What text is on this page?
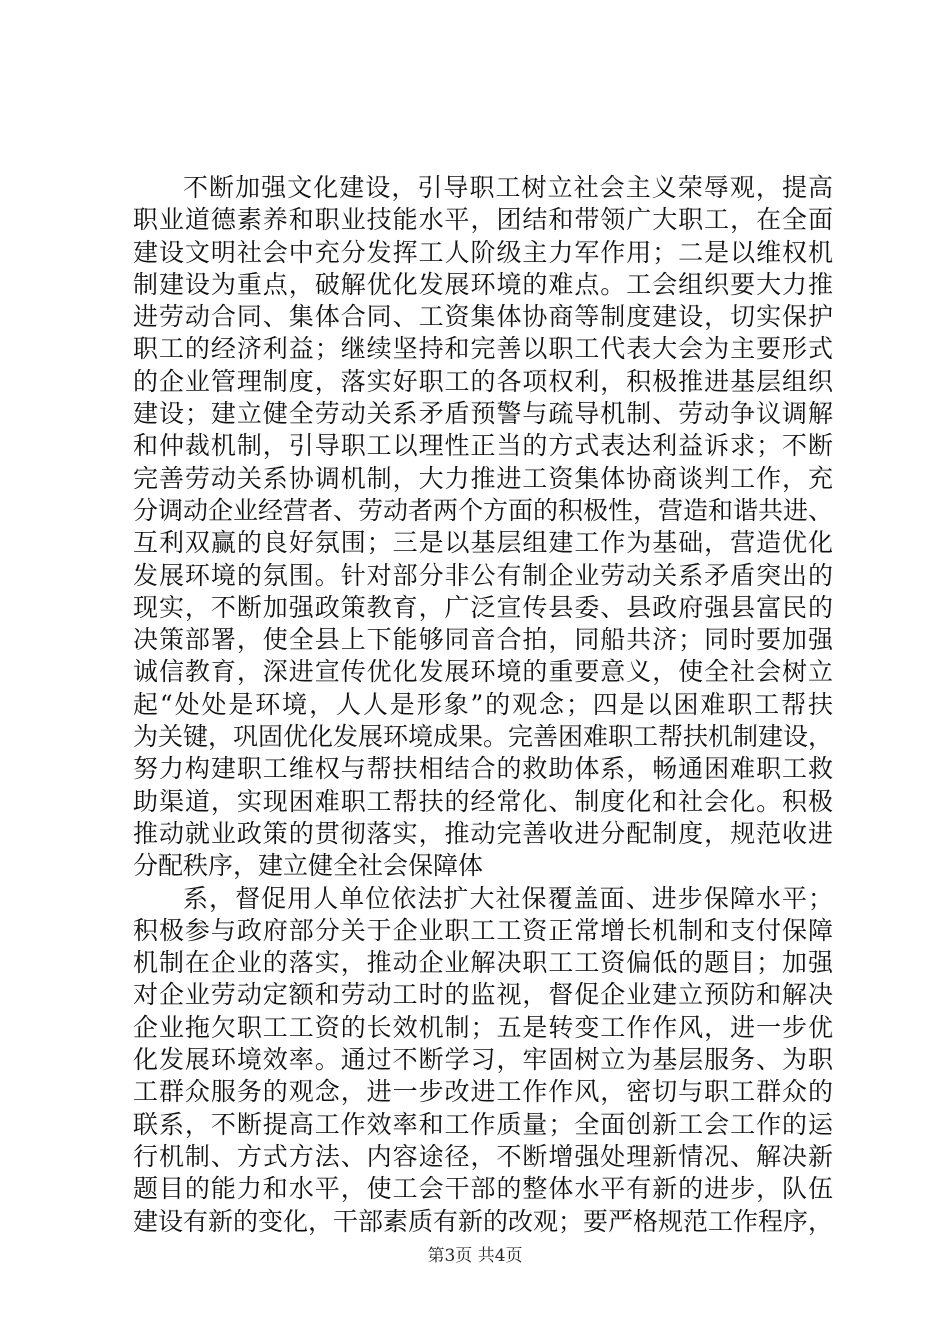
不断加强文化建设，引导职工树立社会主义荣辱观，提高
职业道德素养和职业技能水平，团结和带领广大职工，在全面
建设文明社会中充分发挥工人阶级主力军作用；二是以维权机
制建设为重点，破解优化发展环境的难点。工会组织要大力推
进劳动合同、集体合同、工资集体协商等制度建设，切实保护
职工的经济利益；继续坚持和完善以职工代表大会为主要形式
的企业管理制度，落实好职工的各项权利，积极推进基层组织
建设；建立健全劳动关系矛盾预警与疏导机制、劳动争议调解
和仲裁机制，引导职工以理性正当的方式表达利益诉求；不断
完善劳动关系协调机制，大力推进工资集体协商谈判工作，充
分调动企业经营者、劳动者两个方面的积极性，营造和谐共进、
互利双赢的良好氛围；三是以基层组建工作为基础，营造优化
发展环境的氛围。针对部分非公有制企业劳动关系矛盾突出的
现实，不断加强政策教育，广泛宣传县委、县政府强县富民的
决策部署，使全县上下能够同音合拍，同船共济；同时要加强
诚信教育，深进宣传优化发展环境的重要意义，使全社会树立
起“处处是环境，人人是形象”的观念；四是以困难职工帮扶
为关键，巩固优化发展环境成果。完善困难职工帮扶机制建设，
努力构建职工维权与帮扶相结合的救助体系，畅通困难职工救
助渠道，实现困难职工帮扶的经常化、制度化和社会化。积极
推动就业政策的贯彻落实，推动完善收进分配制度，规范收进
分配秩序，建立健全社会保障体
系，督促用人单位依法扩大社保覆盖面、进步保障水平；
积极参与政府部分关于企业职工工资正常增长机制和支付保障
机制在企业的落实，推动企业解决职工工资偏低的题目；加强
对企业劳动定额和劳动工时的监视，督促企业建立预防和解决
企业拖欠职工工资的长效机制；五是转变工作作风，进一步优
化发展环境效率。通过不断学习，牢固树立为基层服务、为职
工群众服务的观念，进一步改进工作作风，密切与职工群众的
联系，不断提高工作效率和工作质量；全面创新工会工作的运
行机制、方式方法、内容途径，不断增强处理新情况、解决新
题目的能力和水平，使工会干部的整体水平有新的进步，队伍
建设有新的变化，干部素质有新的改观；要严格规范工作程序，
第3页 共4页
